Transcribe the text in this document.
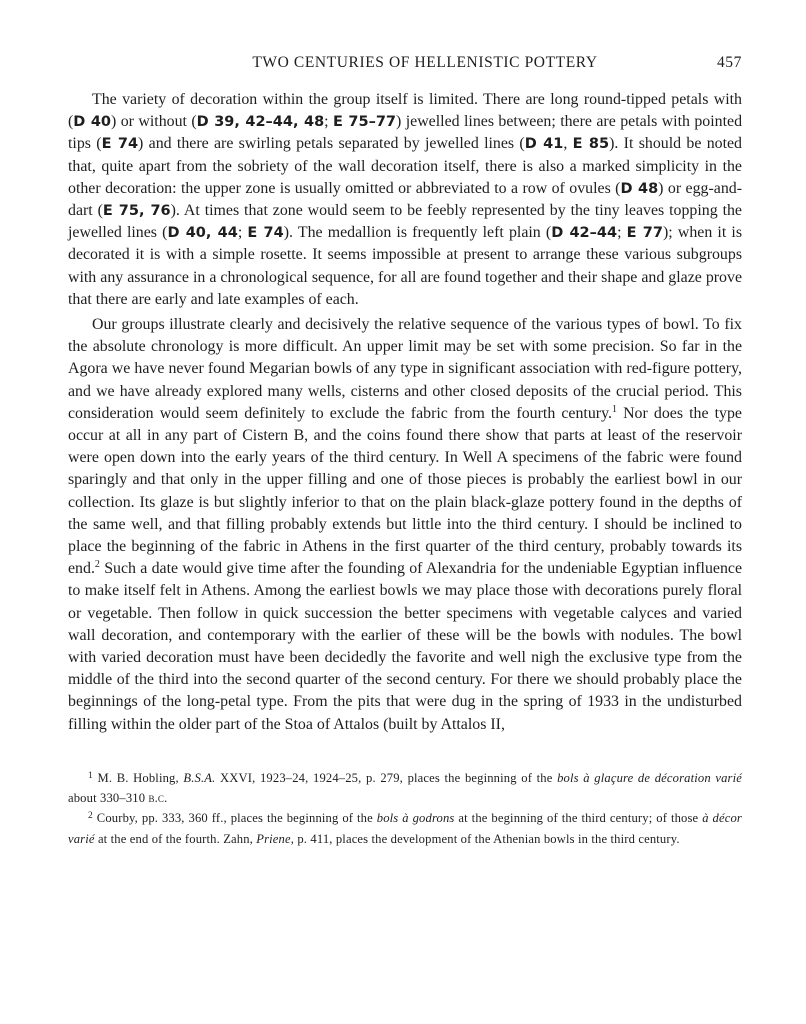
TWO CENTURIES OF HELLENISTIC POTTERY	457

The variety of decoration within the group itself is limited. There are long round-tipped petals with (D 40) or without (D 39, 42–44, 48; E 75–77) jewelled lines between; there are petals with pointed tips (E 74) and there are swirling petals separated by jewelled lines (D 41, E 85). It should be noted that, quite apart from the sobriety of the wall decoration itself, there is also a marked simplicity in the other decoration: the upper zone is usually omitted or abbreviated to a row of ovules (D 48) or egg-and-dart (E 75, 76). At times that zone would seem to be feebly represented by the tiny leaves topping the jewelled lines (D 40, 44; E 74). The medallion is frequently left plain (D 42–44; E 77); when it is decorated it is with a simple rosette. It seems impossible at present to arrange these various subgroups with any assurance in a chronological sequence, for all are found together and their shape and glaze prove that there are early and late examples of each.

Our groups illustrate clearly and decisively the relative sequence of the various types of bowl. To fix the absolute chronology is more difficult. An upper limit may be set with some precision. So far in the Agora we have never found Megarian bowls of any type in significant association with red-figure pottery, and we have already explored many wells, cisterns and other closed deposits of the crucial period. This consideration would seem definitely to exclude the fabric from the fourth century.$^1$ Nor does the type occur at all in any part of Cistern B, and the coins found there show that parts at least of the reservoir were open down into the early years of the third century. In Well A specimens of the fabric were found sparingly and that only in the upper filling and one of those pieces is probably the earliest bowl in our collection. Its glaze is but slightly inferior to that on the plain black-glaze pottery found in the depths of the same well, and that filling probably extends but little into the third century. I should be inclined to place the beginning of the fabric in Athens in the first quarter of the third century, probably towards its end.$^2$ Such a date would give time after the founding of Alexandria for the undeniable Egyptian influence to make itself felt in Athens. Among the earliest bowls we may place those with decorations purely floral or vegetable. Then follow in quick succession the better specimens with vegetable calyces and varied wall decoration, and contemporary with the earlier of these will be the bowls with nodules. The bowl with varied decoration must have been decidedly the favorite and well nigh the exclusive type from the middle of the third into the second quarter of the second century. For there we should probably place the beginnings of the long-petal type. From the pits that were dug in the spring of 1933 in the undisturbed filling within the older part of the Stoa of Attalos (built by Attalos II,

$^1$ M. B. Hobling, B.S.A. XXVI, 1923–24, 1924–25, p. 279, places the beginning of the bols à glaçure de décoration varié about 330–310 b.c.

$^2$ Courby, pp. 333, 360 ff., places the beginning of the bols à godrons at the beginning of the third century; of those à décor varié at the end of the fourth. Zahn, Priene, p. 411, places the development of the Athenian bowls in the third century.
